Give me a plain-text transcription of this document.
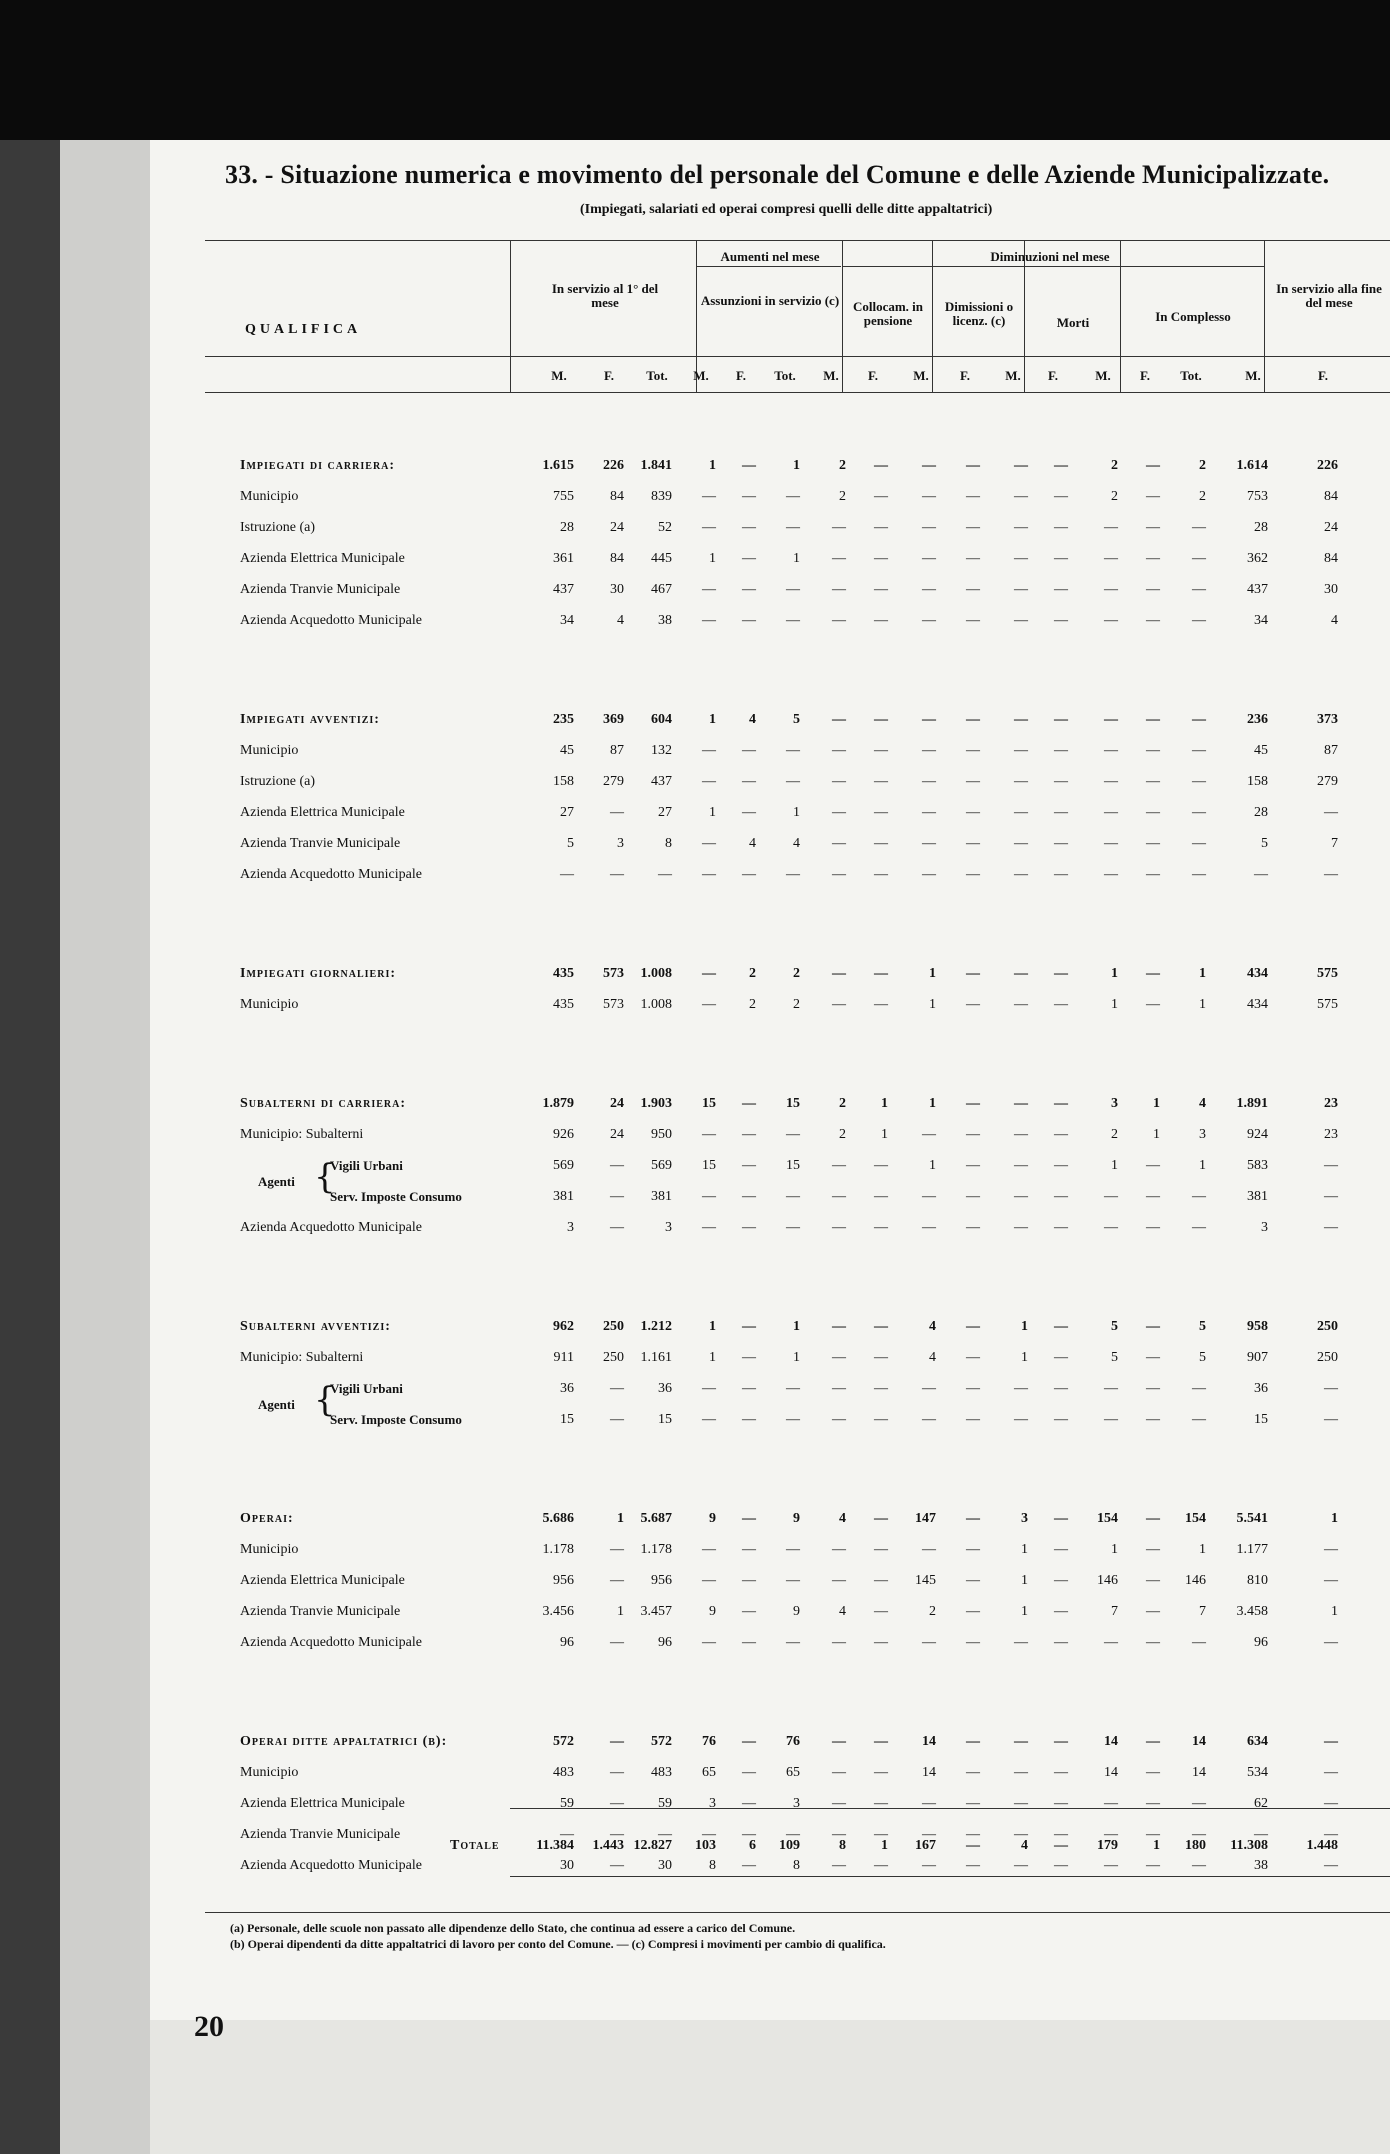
33. - Situazione numerica e movimento del personale del Comune e delle Aziende Municipalizzate.
(Impiegati, salariati ed operai compresi quelli delle ditte appaltatrici)
QUALIFICA
In servizio al 1° del mese
Aumenti nel mese
Assunzioni in servizio (c)
Diminuzioni nel mese
Collocam. in pensione
Dimissioni o licenz. (c)	Morti	In Complesso
In servizio alla fine del mese
M.	F.	Tot.	M.	F.	Tot.	M.	F.	M.	F.	M.	F.	M.	F.	Tot.	M.	F.
Impiegati di carriera:	1.615	226	1.841	1	—	1	2	—	—	—	—	—	2	—	2	1.614	226
Municipio	755	84	839	—	—	—	2	—	—	—	—	—	2	—	2	753	84
Istruzione (a)	28	24	52	—	—	—	—	—	—	—	—	—	—	—	—	28	24
Azienda Elettrica Municipale	361	84	445	1	—	1	—	—	—	—	—	—	—	—	—	362	84
Azienda Tranvie Municipale	437	30	467	—	—	—	—	—	—	—	—	—	—	—	—	437	30
Azienda Acquedotto Municipale	34	4	38	—	—	—	—	—	—	—	—	—	—	—	—	34	4
Impiegati avventizi:	235	369	604	1	4	5	—	—	—	—	—	—	—	—	—	236	373
Municipio	45	87	132	—	—	—	—	—	—	—	—	—	—	—	—	45	87
Istruzione (a)	158	279	437	—	—	—	—	—	—	—	—	—	—	—	—	158	279
Azienda Elettrica Municipale	27	—	27	1	—	1	—	—	—	—	—	—	—	—	—	28	—
Azienda Tranvie Municipale	5	3	8	—	4	4	—	—	—	—	—	—	—	—	—	5	7
Azienda Acquedotto Municipale	—	—	—	—	—	—	—	—	—	—	—	—	—	—	—	—	—
Impiegati giornalieri:	435	573	1.008	—	2	2	—	—	1	—	—	—	1	—	1	434	575
Municipio	435	573	1.008	—	2	2	—	—	1	—	—	—	1	—	1	434	575
Subalterni di carriera:	1.879	24	1.903	15	—	15	2	1	1	—	—	—	3	1	4	1.891	23
Municipio: Subalterni	926	24	950	—	—	—	2	1	—	—	—	—	2	1	3	924	23
Vigili Urbani	569	—	569	15	—	15	—	—	1	—	—	—	1	—	1	583	—
Serv. Imposte Consumo	381	—	381	—	—	—	—	—	—	—	—	—	—	—	—	381	—
Azienda Acquedotto Municipale	3	—	3	—	—	—	—	—	—	—	—	—	—	—	—	3	—
Agenti {
Subalterni avventizi:	962	250	1.212	1	—	1	—	—	4	—	1	—	5	—	5	958	250
Municipio: Subalterni	911	250	1.161	1	—	1	—	—	4	—	1	—	5	—	5	907	250
Vigili Urbani	36	—	36	—	—	—	—	—	—	—	—	—	—	—	—	36	—
Serv. Imposte Consumo	15	—	15	—	—	—	—	—	—	—	—	—	—	—	—	15	—
Agenti {
Operai:	5.686	1	5.687	9	—	9	4	—	147	—	3	—	154	—	154	5.541	1
Municipio	1.178	—	1.178	—	—	—	—	—	—	—	1	—	1	—	1	1.177	—
Azienda Elettrica Municipale	956	—	956	—	—	—	—	—	145	—	1	—	146	—	146	810	—
Azienda Tranvie Municipale	3.456	1	3.457	9	—	9	4	—	2	—	1	—	7	—	7	3.458	1
Azienda Acquedotto Municipale	96	—	96	—	—	—	—	—	—	—	—	—	—	—	—	96	—
Operai ditte appaltatrici (b):	572	—	572	76	—	76	—	—	14	—	—	—	14	—	14	634	—
Municipio	483	—	483	65	—	65	—	—	14	—	—	—	14	—	14	534	—
Azienda Elettrica Municipale	59	—	59	3	—	3	—	—	—	—	—	—	—	—	—	62	—
Azienda Tranvie Municipale	—	—	—	—	—	—	—	—	—	—	—	—	—	—	—	—	—
Azienda Acquedotto Municipale	30	—	30	8	—	8	—	—	—	—	—	—	—	—	—	38	—
Totale	11.384	1.443 12.827	103	6	109	8	1	167	—	4	—	179	1	180	11.308	1.448
(a) Personale, delle scuole non passato alle dipendenze dello Stato, che continua ad essere a carico del Comune.
(b) Operai dipendenti da ditte appaltatrici di lavoro per conto del Comune. — (c) Compresi i movimenti per cambio di qualifica.
20
